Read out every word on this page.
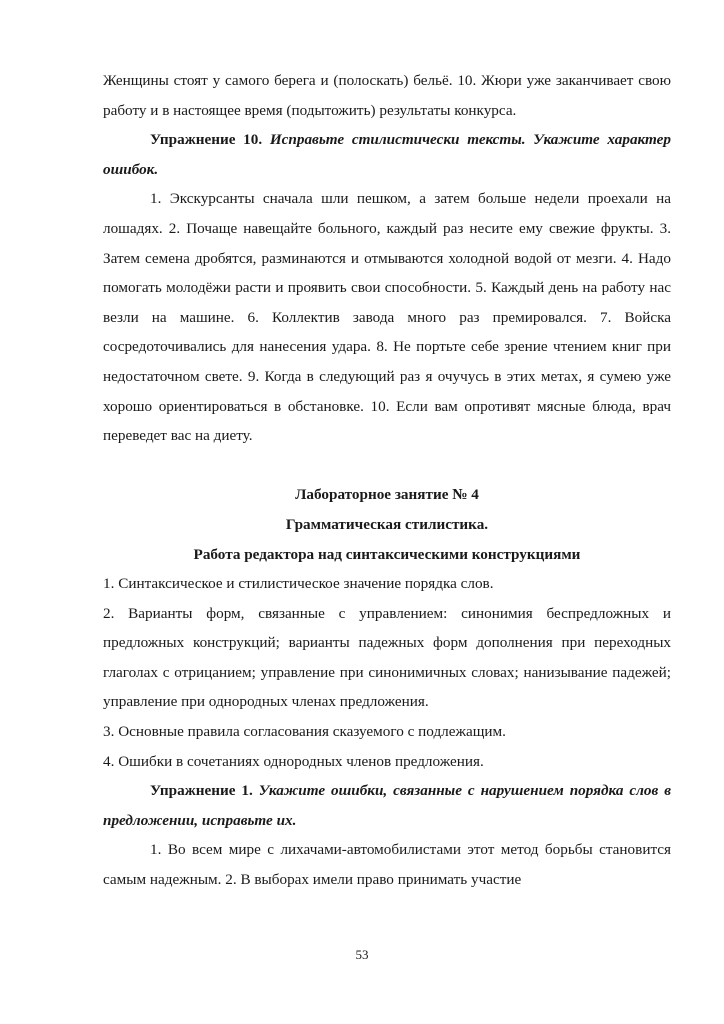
Женщины стоят у самого берега и (полоскать) бельё. 10. Жюри уже заканчивает свою работу и в настоящее время (подытожить) результаты конкурса.

Упражнение 10. Исправьте стилистически тексты. Укажите характер ошибок.

1. Экскурсанты сначала шли пешком, а затем больше недели проехали на лошадях. 2. Почаще навещайте больного, каждый раз несите ему свежие фрукты. 3. Затем семена дробятся, разминаются и отмываются холодной водой от мезги. 4. Надо помогать молодёжи расти и проявить свои способности. 5. Каждый день на работу нас везли на машине. 6. Коллектив завода много раз премировался. 7. Войска сосредоточивались для нанесения удара. 8. Не портьте себе зрение чтением книг при недостаточном свете. 9. Когда в следующий раз я очучусь в этих метах, я сумею уже хорошо ориентироваться в обстановке. 10. Если вам опротивят мясные блюда, врач переведет вас на диету.

Лабораторное занятие № 4

Грамматическая стилистика.

Работа редактора над синтаксическими конструкциями

1. Синтаксическое и стилистическое значение порядка слов.

2. Варианты форм, связанные с управлением: синонимия беспредложных и предложных конструкций; варианты падежных форм дополнения при переходных глаголах с отрицанием; управление при синонимичных словах; нанизывание падежей; управление при однородных членах предложения.

3. Основные правила согласования сказуемого с подлежащим.

4. Ошибки в сочетаниях однородных членов предложения.

Упражнение 1. Укажите ошибки, связанные с нарушением порядка слов в предложении, исправьте их.

1. Во всем мире с лихачами-автомобилистами этот метод борьбы становится самым надежным. 2. В выборах имели право принимать участие

53
